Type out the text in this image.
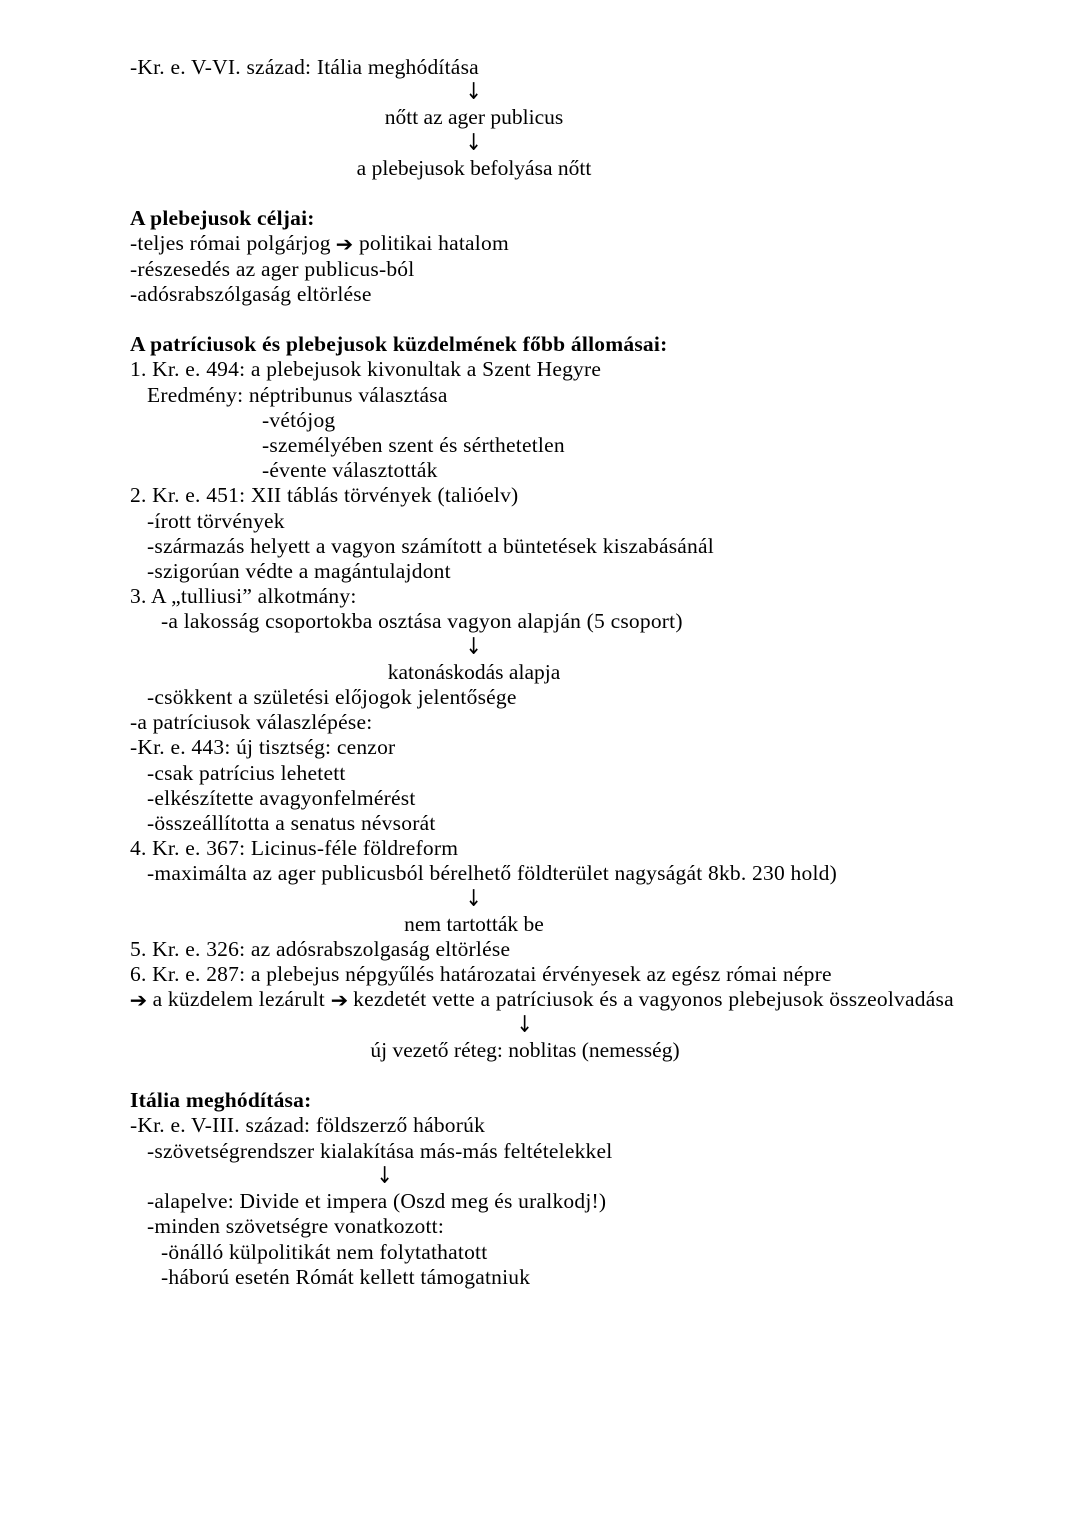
-Kr. e. V-VI. század: Itália meghódítása
↓
nőtt az ager publicus
↓
a plebejusok befolyása nőtt
A plebejusok céljai:
-teljes római polgárjog ➔ politikai hatalom
-részesedés az ager publicus-ból
-adósrabszólgaság eltörlése
A patríciusok és plebejusok küzdelmének főbb állomásai:
1. Kr. e. 494: a plebejusok kivonultak a Szent Hegyre
Eredmény: néptribunus választása
-vétójog
-személyében szent és sérthetetlen
-évente választották
2. Kr. e. 451: XII táblás törvények (talióelv)
-írott törvények
-származás helyett a vagyon számított a büntetések kiszabásánál
-szigorúan védte a magántulajdont
3. A „tulliusi” alkotmány:
-a lakosság csoportokba osztása vagyon alapján (5 csoport)
↓
katonáskodás alapja
-csökkent a születési előjogok jelentősége
-a patríciusok válaszlépése:
-Kr. e. 443: új tisztség: cenzor
-csak patrícius lehetett
-elkészítette avagyonfelmérést
-összeállította a senatus névsorát
4. Kr. e. 367: Licinus-féle földreform
-maximálta az ager publicusból bérelhető földterület nagyságát 8kb. 230 hold)
↓
nem tartották be
5. Kr. e. 326: az adósrabszolgaság eltörlése
6. Kr. e. 287: a plebejus népgyűlés határozatai érvényesek az egész római népre
➔ a küzdelem lezárult ➔ kezdetét vette a patríciusok és a vagyonos plebejusok összeolvadása
↓
új vezető réteg: noblitas (nemesség)
Itália meghódítása:
-Kr. e. V-III. század: földszerző háborúk
-szövetségrendszer kialakítása más-más feltételekkel
↓
-alapelve: Divide et impera (Oszd meg és uralkodj!)
-minden szövetségre vonatkozott:
-önálló külpolitikát nem folytathatott
-háború esetén Rómát kellett támogatniuk
